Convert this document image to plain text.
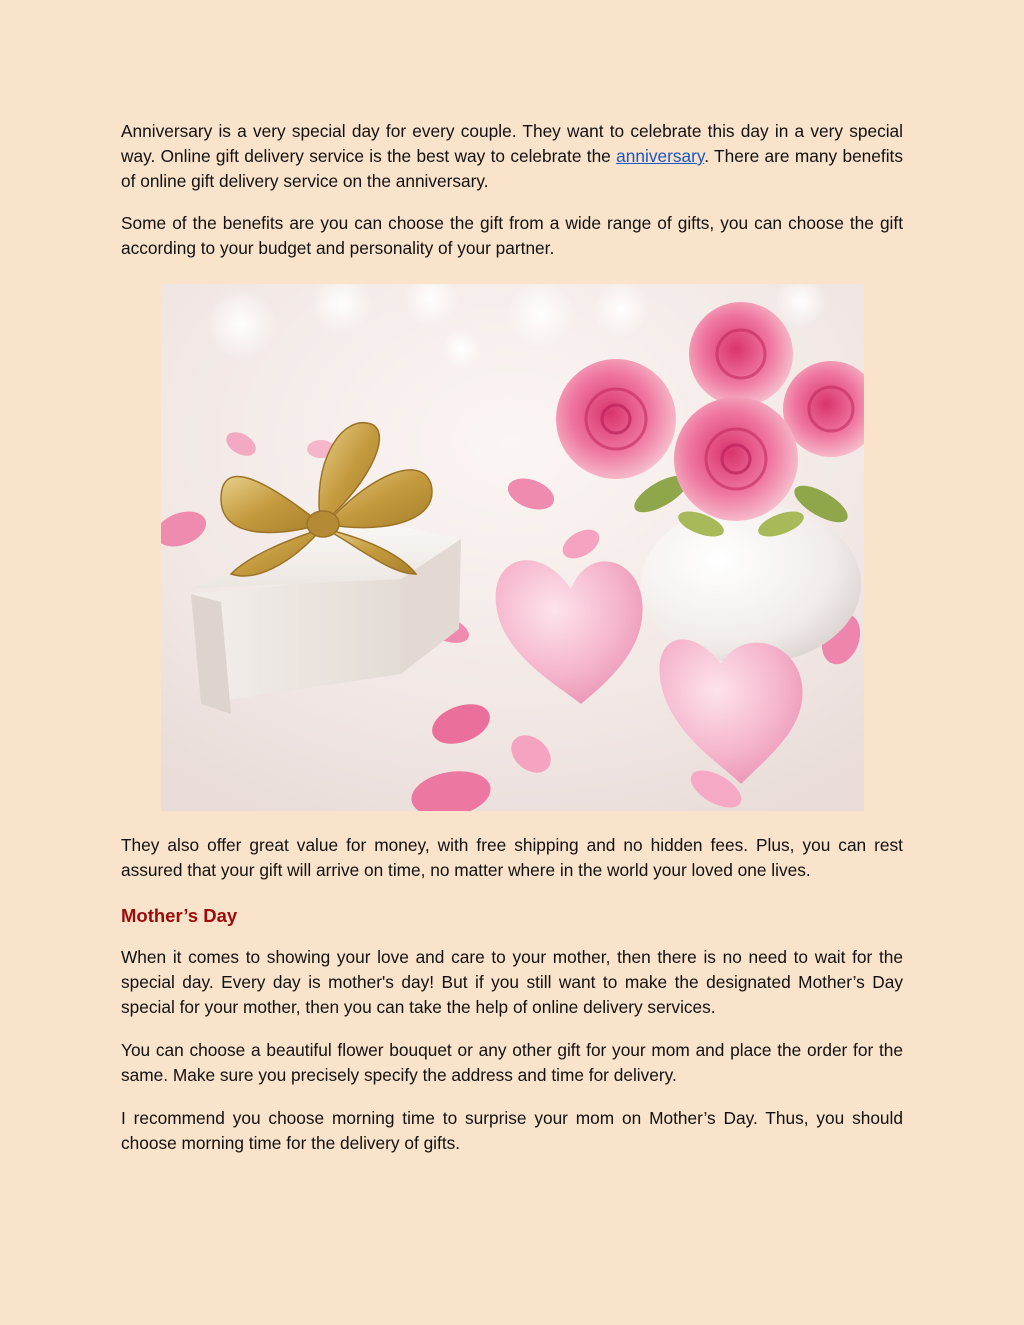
Anniversary is a very special day for every couple. They want to celebrate this day in a very special way. Online gift delivery service is the best way to celebrate the anniversary. There are many benefits of online gift delivery service on the anniversary.

Some of the benefits are you can choose the gift from a wide range of gifts, you can choose the gift according to your budget and personality of your partner.

They also offer great value for money, with free shipping and no hidden fees. Plus, you can rest assured that your gift will arrive on time, no matter where in the world your loved one lives.

Mother’s Day

When it comes to showing your love and care to your mother, then there is no need to wait for the special day. Every day is mother's day! But if you still want to make the designated Mother’s Day special for your mother, then you can take the help of online delivery services.

You can choose a beautiful flower bouquet or any other gift for your mom and place the order for the same. Make sure you precisely specify the address and time for delivery.

I recommend you choose morning time to surprise your mom on Mother’s Day. Thus, you should choose morning time for the delivery of gifts.
